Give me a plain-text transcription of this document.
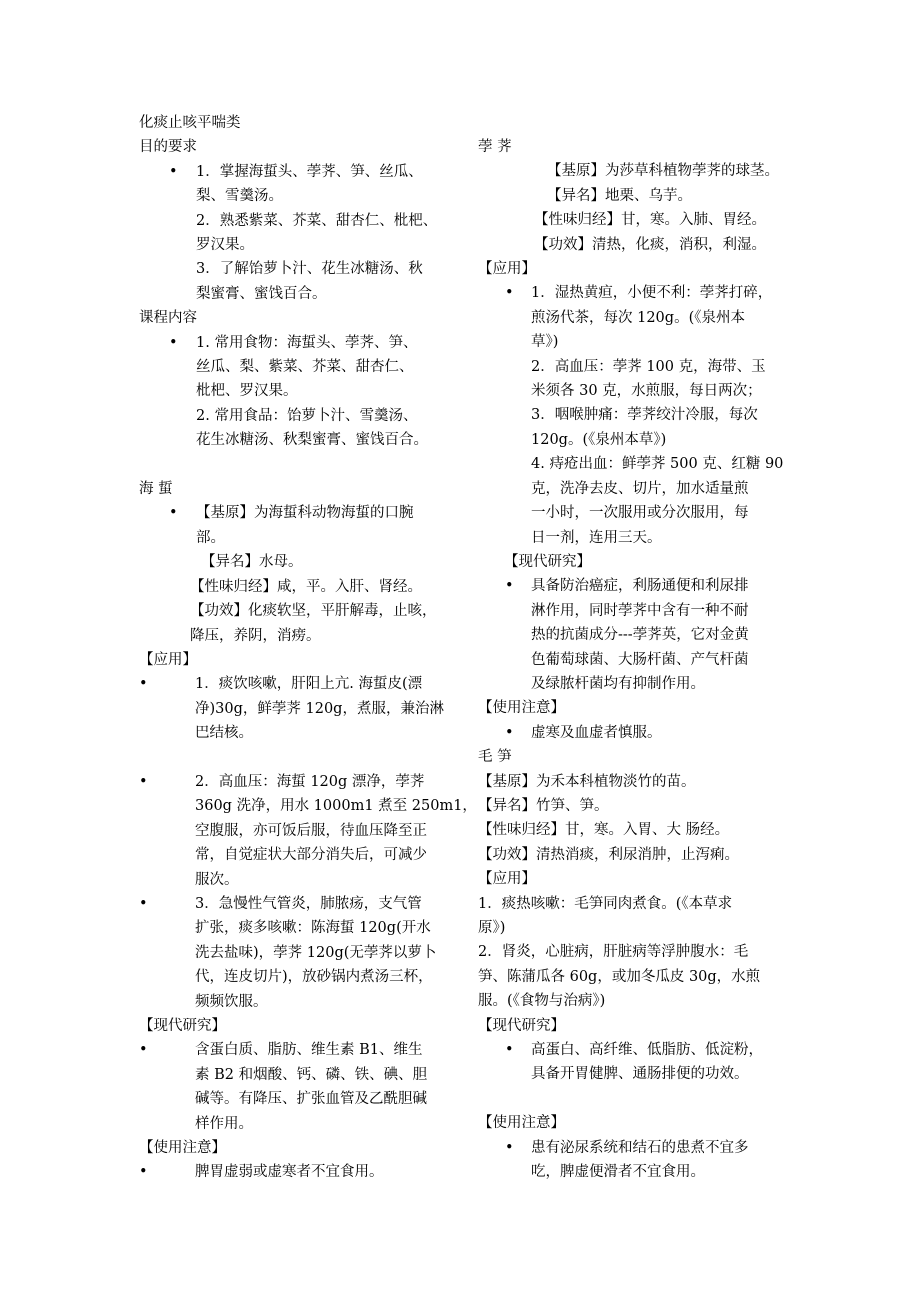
化痰止咳平喘类
目的要求
• 1．掌握海蜇头、荸荠、笋、丝瓜、
梨、雪羹汤。
2．熟悉紫菜、芥菜、甜杏仁、枇杷、
罗汉果。
3．了解饴萝卜汁、花生冰糖汤、秋
梨蜜膏、蜜饯百合。
课程内容
• 1. 常用食物：海蜇头、荸荠、笋、
丝瓜、梨、紫菜、芥菜、甜杏仁、
枇杷、罗汉果。
2. 常用食品：饴萝卜汁、雪羹汤、
花生冰糖汤、秋梨蜜膏、蜜饯百合。
海 蜇
• 【基原】为海蜇科动物海蜇的口腕
部。
【异名】水母。
【性味归经】咸，平。入肝、肾经。
【功效】化痰软坚，平肝解毒，止咳，
降压，养阴，消痨。
【应用】
•	1．痰饮咳嗽，肝阳上亢. 海蜇皮(漂
净)30g，鲜荸荠 120g，煮服，兼治淋
巴结核。
•	2．高血压：海蜇 120g 漂净，荸荠
360g 洗净，用水 1000m1 煮至 250m1，
空腹服，亦可饭后服，待血压降至正
常，自觉症状大部分消失后，可减少
服次。
•	3．急慢性气管炎，肺脓疡，支气管
扩张，痰多咳嗽：陈海蜇 120g(开水
洗去盐味)，荸荠 120g(无荸荠以萝卜
代，连皮切片)，放砂锅内煮汤三杯，
频频饮服。
【现代研究】
•	含蛋白质、脂肪、维生素 B1、维生
素 B2 和烟酸、钙、磷、铁、碘、胆
碱等。有降压、扩张血管及乙酰胆碱
样作用。
【使用注意】
•	脾胃虚弱或虚寒者不宜食用。
荸 荠
【基原】为莎草科植物荸荠的球茎。
【异名】地栗、乌芋。
【性味归经】甘，寒。入肺、胃经。
【功效】清热，化痰，消积，利湿。
【应用】
• 1．湿热黄疸，小便不利：荸荠打碎，
煎汤代茶，每次 120g。(《泉州本
草》)
2．高血压：荸荠 100 克，海带、玉
米须各 30 克，水煎服，每日两次；
3．咽喉肿痛：荸荠绞汁冷服，每次
120g。(《泉州本草》)
4. 痔疮出血：鲜荸荠 500 克、红糖 90
克，洗净去皮、切片，加水适量煎
一小时，一次服用或分次服用，每
日一剂，连用三天。
【现代研究】
• 具备防治癌症，利肠通便和利尿排
淋作用，同时荸荠中含有一种不耐
热的抗菌成分---荸荠英，它对金黄
色葡萄球菌、大肠杆菌、产气杆菌
及绿脓杆菌均有抑制作用。
【使用注意】
• 虚寒及血虚者慎服。
毛 笋
【基原】为禾本科植物淡竹的苗。
【异名】竹笋、笋。
【性味归经】甘，寒。入胃、大 肠经。
【功效】清热消痰，利尿消肿，止泻痢。
【应用】
1．痰热咳嗽：毛笋同肉煮食。(《本草求
原》)
2．肾炎，心脏病，肝脏病等浮肿腹水：毛
笋、陈蒲瓜各 60g，或加冬瓜皮 30g，水煎
服。(《食物与治病》)
【现代研究】
• 高蛋白、高纤维、低脂肪、低淀粉，
具备开胃健脾、通肠排便的功效。
【使用注意】
• 患有泌尿系统和结石的患煮不宜多
吃，脾虚便滑者不宜食用。
